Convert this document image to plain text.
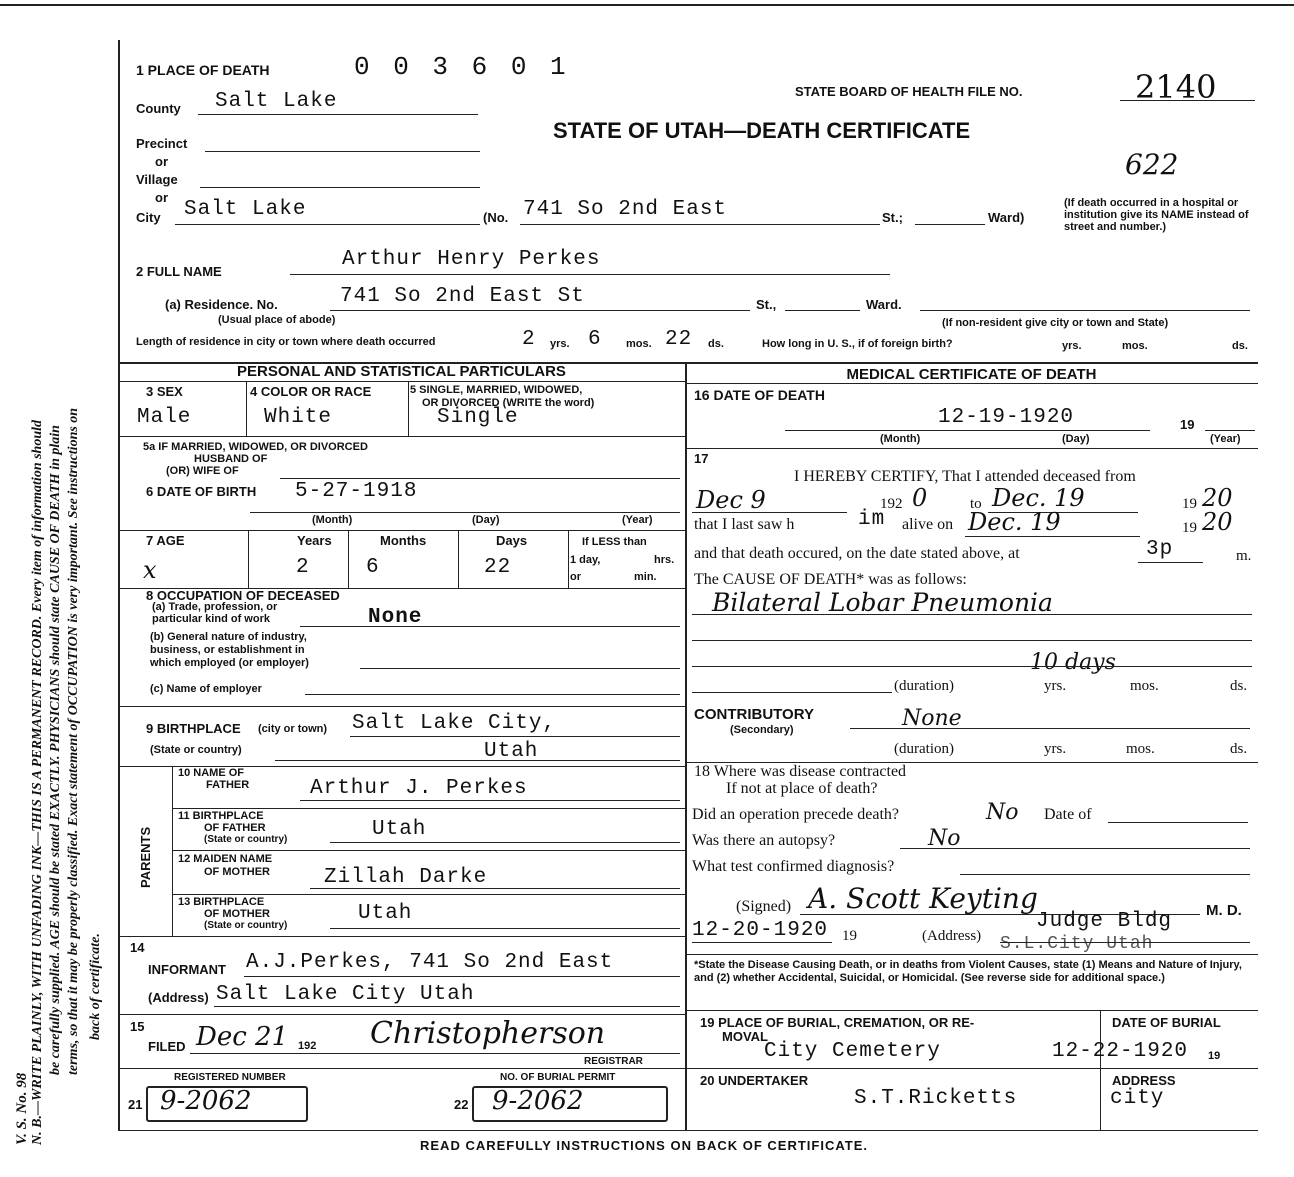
V. S. No. 98 N. B.—WRITE PLAINLY, WITH UNFADING INK—THIS IS A PERMANENT RECORD. Every item of information should be carefully supplied. AGE should be stated EXACTLY. PHYSICIANS should state CAUSE OF DEATH in plain terms, so that it may be properly classified. Exact statement of OCCUPATION is very important. See instructions on back of certificate.
1 PLACE OF DEATH	0 0 3 6 0 1
STATE BOARD OF HEALTH FILE NO.	2140
STATE OF UTAH—DEATH CERTIFICATE
622
County Salt Lake
Precinct
or
Village
or
City Salt Lake	(No. 741 So 2nd East	St.;	Ward)
(If death occurred in a hospital or institution give its NAME instead of street and number.)
2 FULL NAME
Arthur Henry Perkes
(a) Residence. No.	741 So 2nd East St	St.,	Ward.
(Usual place of abode)	(If non-resident give city or town and State)
Length of residence in city or town where death occurred	2 yrs. 6 mos. 22 ds.	How long in U. S., if of foreign birth?	yrs.	mos.	ds.
PERSONAL AND STATISTICAL PARTICULARS
3 SEX
Male
4 COLOR OR RACE
White
5 SINGLE, MARRIED, WIDOWED,
OR DIVORCED (WRITE the word)
Single
5a IF MARRIED, WIDOWED, OR DIVORCED
HUSBAND OF
(OR) WIFE OF
6 DATE OF BIRTH 5-27-1918
(Month)	(Day)	(Year)
7 AGE
x
Years
2
Months
6
Days
22
If LESS than
1 day,	hrs.
or	min.
8 OCCUPATION OF DECEASED
(a) Trade, profession, or
particular kind of work	None
(b) General nature of industry,
business, or establishment in
which employed (or employer)
(c) Name of employer
9 BIRTHPLACE (city or town) Salt Lake City,
(State or country)	Utah
PARENTS
10 NAME OF
FATHER	Arthur J. Perkes
11 BIRTHPLACE
OF FATHER
(State or country)	Utah
12 MAIDEN NAME
OF MOTHER	Zillah Darke
13 BIRTHPLACE
OF MOTHER
(State or country)
Utah
14
INFORMANT A.J.Perkes, 741 So 2nd East
(Address) Salt Lake City Utah
15
FILED Dec 21 192 Christopherson
REGISTRAR
REGISTERED NUMBER
21 9-2062
NO. OF BURIAL PERMIT
22 9-2062
MEDICAL CERTIFICATE OF DEATH
16 DATE OF DEATH
12-19-1920	19
(Month)	(Day)	(Year)
17
I HEREBY CERTIFY, That I attended deceased from
Dec 9	192 0	to Dec. 19	19 20
that I last saw h	im alive on Dec. 19	19 20
and that death occured, on the date stated above, at	3p	m.
The CAUSE OF DEATH* was as follows:
Bilateral Lobar Pneumonia
10 days
(duration)	yrs.	mos.	ds.
CONTRIBUTORY
(Secondary)	None
(duration)	yrs.	mos.	ds.
18 Where was disease contracted
If not at place of death?
Did an operation precede death?	No Date of
Was there an autopsy?	No
What test confirmed diagnosis?
(Signed) A. Scott Keyting	M. D.
12-20-1920 19	(Address)
Judge Bldg
S.L.City Utah
*State the Disease Causing Death, or in deaths from Violent Causes, state (1) Means and Nature of Injury, and (2) whether Accidental, Suicidal, or Homicidal. (See reverse side for additional space.)
19 PLACE OF BURIAL, CREMATION, OR RE-
MOVAL
City Cemetery
DATE OF BURIAL
12-22-1920 19
20 UNDERTAKER
S.T.Ricketts
ADDRESS
city
READ CAREFULLY INSTRUCTIONS ON BACK OF CERTIFICATE.
